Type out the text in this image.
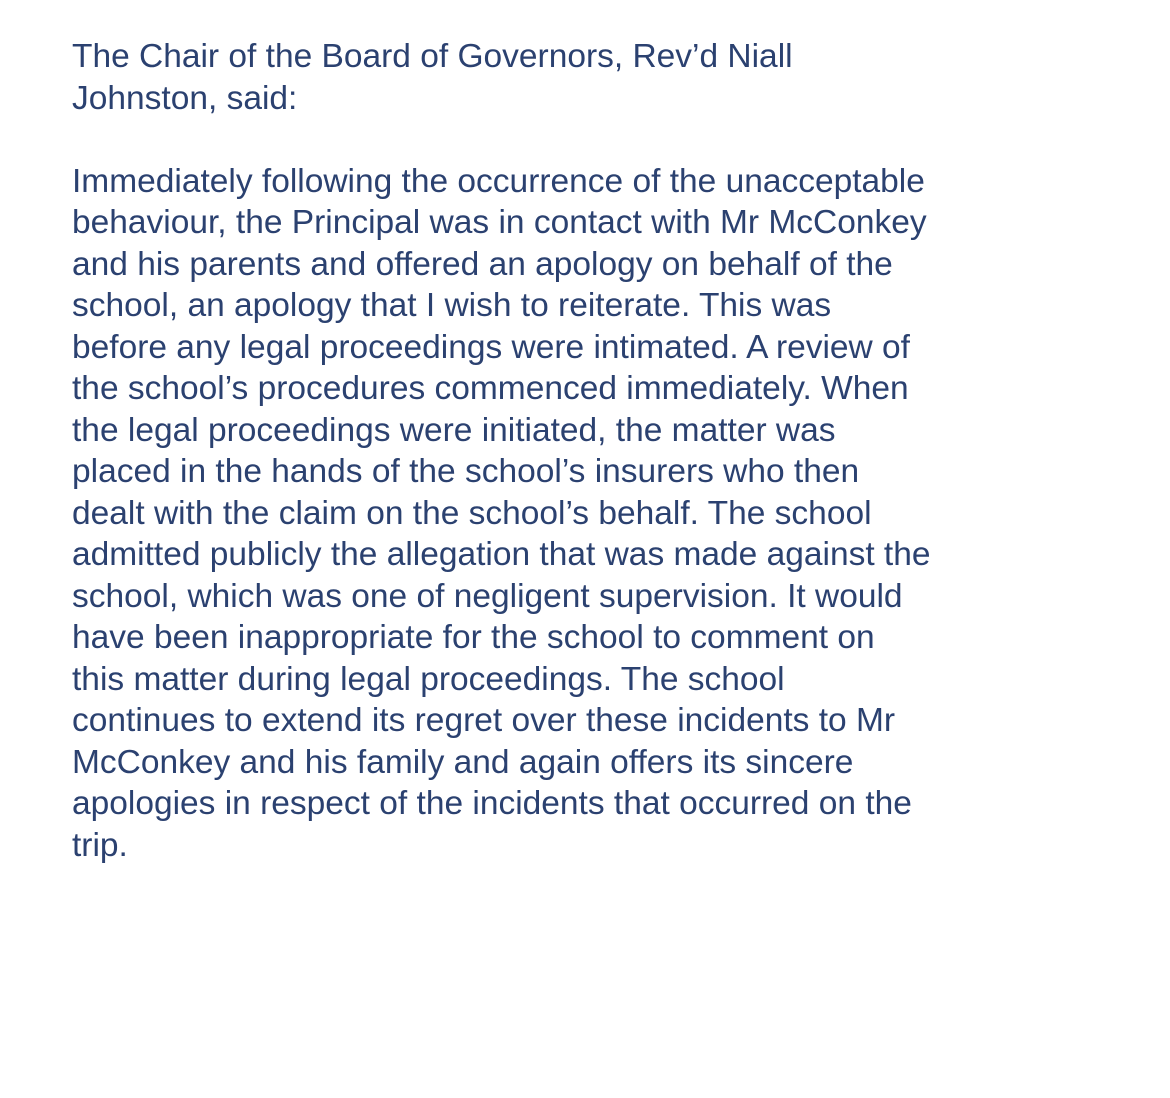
The Chair of the Board of Governors, Rev’d Niall
Johnston, said:

Immediately following the occurrence of the unacceptable
behaviour, the Principal was in contact with Mr McConkey
and his parents and offered an apology on behalf of the
school, an apology that I wish to reiterate. This was
before any legal proceedings were intimated. A review of
the school’s procedures commenced immediately. When
the legal proceedings were initiated, the matter was
placed in the hands of the school’s insurers who then
dealt with the claim on the school’s behalf. The school
admitted publicly the allegation that was made against the
school, which was one of negligent supervision. It would
have been inappropriate for the school to comment on
this matter during legal proceedings. The school
continues to extend its regret over these incidents to Mr
McConkey and his family and again offers its sincere
apologies in respect of the incidents that occurred on the
trip.
